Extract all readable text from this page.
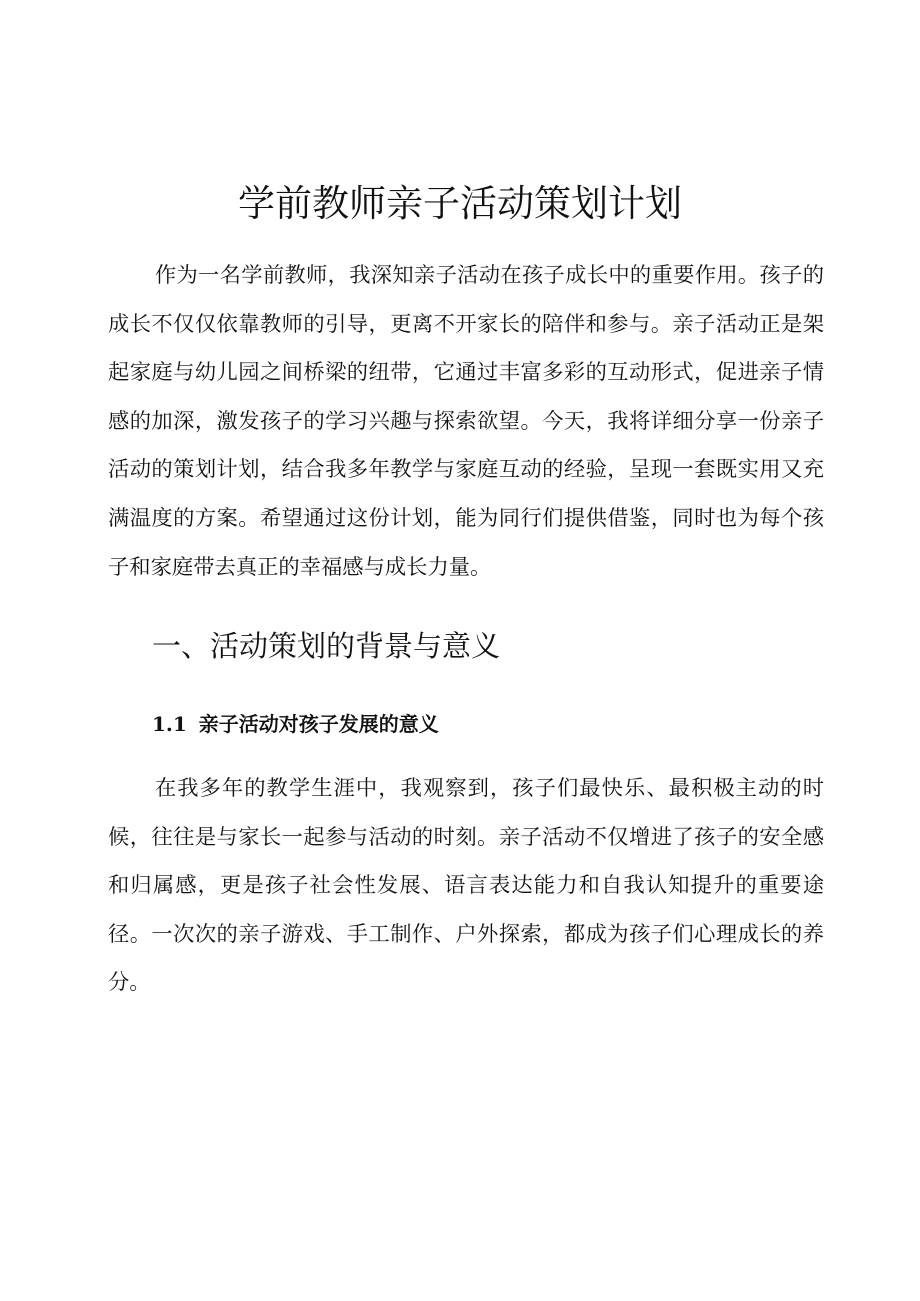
学前教师亲子活动策划计划

作为一名学前教师，我深知亲子活动在孩子成长中的重要作用。孩子的成长不仅仅依靠教师的引导，更离不开家长的陪伴和参与。亲子活动正是架起家庭与幼儿园之间桥梁的纽带，它通过丰富多彩的互动形式，促进亲子情感的加深，激发孩子的学习兴趣与探索欲望。今天，我将详细分享一份亲子活动的策划计划，结合我多年教学与家庭互动的经验，呈现一套既实用又充满温度的方案。希望通过这份计划，能为同行们提供借鉴，同时也为每个孩子和家庭带去真正的幸福感与成长力量。

一、活动策划的背景与意义
1.1 亲子活动对孩子发展的意义

在我多年的教学生涯中，我观察到，孩子们最快乐、最积极主动的时候，往往是与家长一起参与活动的时刻。亲子活动不仅增进了孩子的安全感和归属感，更是孩子社会性发展、语言表达能力和自我认知提升的重要途径。一次次的亲子游戏、手工制作、户外探索，都成为孩子们心理成长的养分。
